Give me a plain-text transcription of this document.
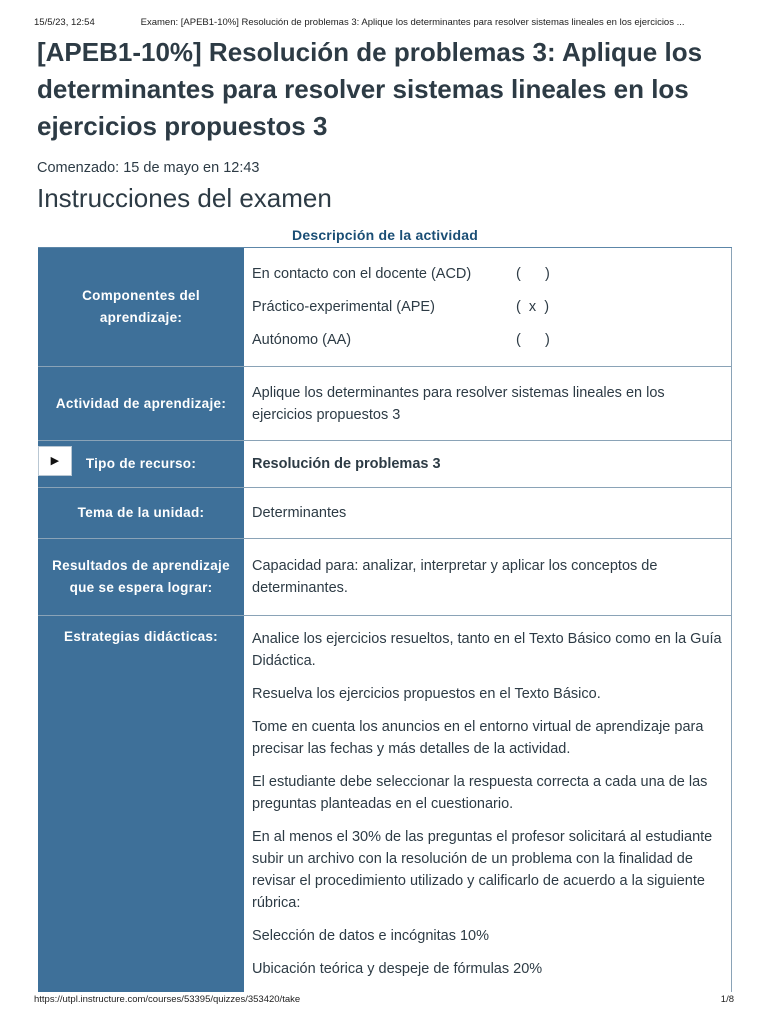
15/5/23, 12:54	Examen: [APEB1-10%] Resolución de problemas 3: Aplique los determinantes para resolver sistemas lineales en los ejercicios ...
[APEB1-10%] Resolución de problemas 3: Aplique los determinantes para resolver sistemas lineales en los ejercicios propuestos 3
Comenzado: 15 de mayo en 12:43
Instrucciones del examen
Descripción de la actividad
Componentes del aprendizaje:
En contacto con el docente (ACD)	(      )
Práctico-experimental (APE)	(  x  )
Autónomo (AA)	(      )
Actividad de aprendizaje:
Aplique los determinantes para resolver sistemas lineales en los ejercicios propuestos 3
▶ Tipo de recurso:	Resolución de problemas 3
Tema de la unidad:	Determinantes
Resultados de aprendizaje que se espera lograr:
Capacidad para: analizar, interpretar y aplicar los conceptos de determinantes.
Estrategias didácticas:	Analice los ejercicios resueltos, tanto en el Texto Básico como en la Guía Didáctica.

Resuelva los ejercicios propuestos en el Texto Básico.

Tome en cuenta los anuncios en el entorno virtual de aprendizaje para precisar las fechas y más detalles de la actividad.

El estudiante debe seleccionar la respuesta correcta a cada una de las preguntas planteadas en el cuestionario.

En al menos el 30% de las preguntas el profesor solicitará al estudiante subir un archivo con la resolución de un problema con la finalidad de revisar el procedimiento utilizado y calificarlo de acuerdo a la siguiente rúbrica:

Selección de datos e incógnitas 10%

Ubicación teórica y despeje de fórmulas 20%

https://utpl.instructure.com/courses/53395/quizzes/353420/take	1/8
